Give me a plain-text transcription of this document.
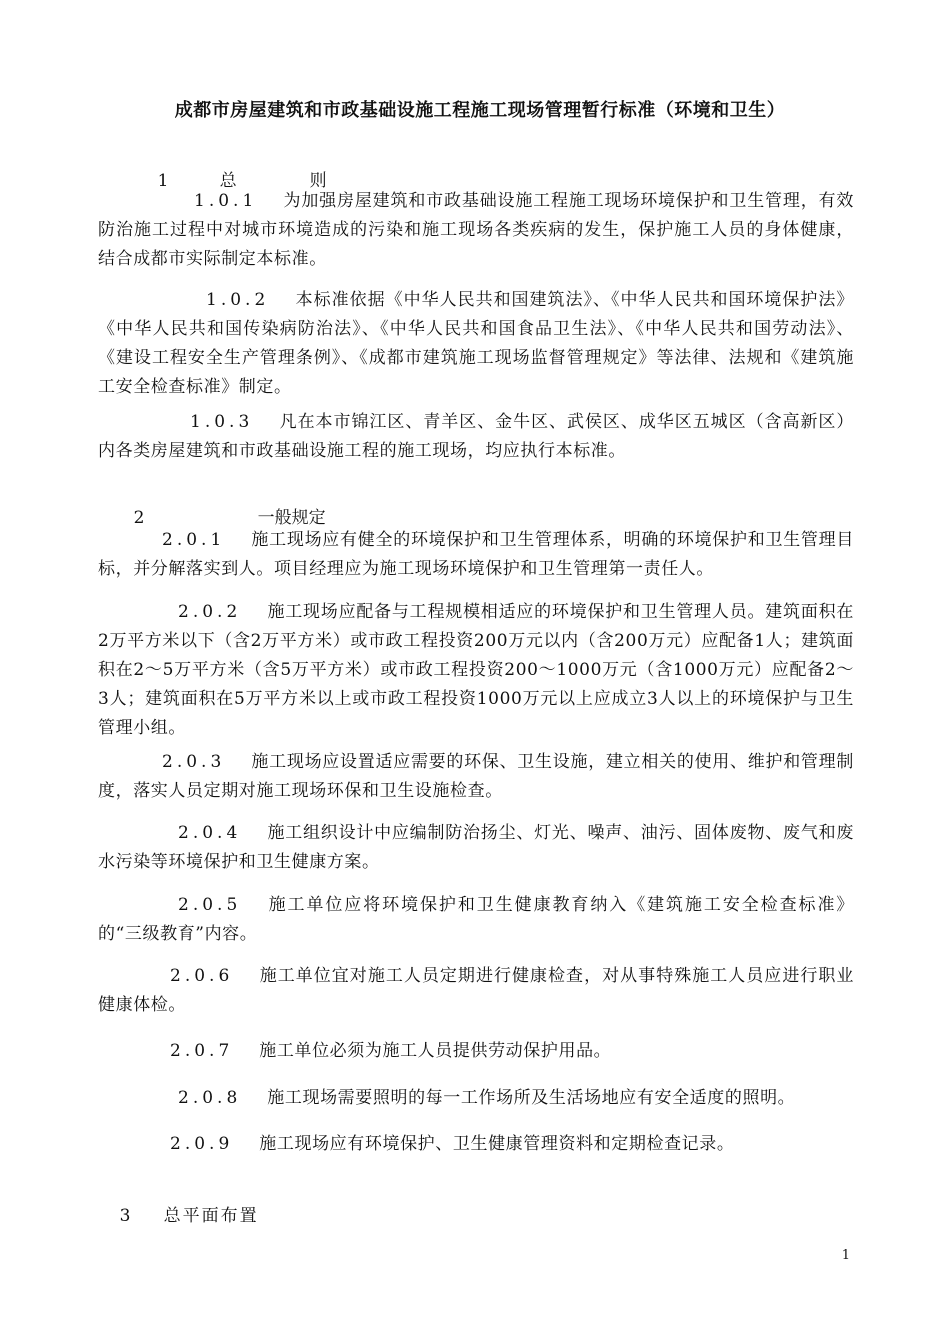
成都市房屋建筑和市政基础设施工程施工现场管理暂行标准（环境和卫生）

1	总	则

1.0.1 为加强房屋建筑和市政基础设施工程施工现场环境保护和卫生管理，有效防治施工过程中对城市环境造成的污染和施工现场各类疾病的发生，保护施工人员的身体健康，结合成都市实际制定本标准。
1.0.2 本标准依据《中华人民共和国建筑法》、《中华人民共和国环境保护法》《中华人民共和国传染病防治法》、《中华人民共和国食品卫生法》、《中华人民共和国劳动法》、《建设工程安全生产管理条例》、《成都市建筑施工现场监督管理规定》等法律、法规和《建筑施工安全检查标准》制定。
1.0.3 凡在本市锦江区、青羊区、金牛区、武侯区、成华区五城区（含高新区）内各类房屋建筑和市政基础设施工程的施工现场，均应执行本标准。

2	一般规定

2.0.1 施工现场应有健全的环境保护和卫生管理体系，明确的环境保护和卫生管理目标，并分解落实到人。项目经理应为施工现场环境保护和卫生管理第一责任人。
2.0.2 施工现场应配备与工程规模相适应的环境保护和卫生管理人员。建筑面积在2万平方米以下（含2万平方米）或市政工程投资200万元以内（含200万元）应配备1人；建筑面积在2～5万平方米（含5万平方米）或市政工程投资200～1000万元（含1000万元）应配备2～ 3人；建筑面积在5万平方米以上或市政工程投资1000万元以上应成立3人以上的环境保护与卫生管理小组。
2.0.3 施工现场应设置适应需要的环保、卫生设施，建立相关的使用、维护和管理制度，落实人员定期对施工现场环保和卫生设施检查。
2.0.4 施工组织设计中应编制防治扬尘、灯光、噪声、油污、固体废物、废气和废水污染等环境保护和卫生健康方案。
2.0.5 施工单位应将环境保护和卫生健康教育纳入《建筑施工安全检查标准》的“三级教育”内容。
2.0.6 施工单位宜对施工人员定期进行健康检查，对从事特殊施工人员应进行职业健康体检。
2.0.7 施工单位必须为施工人员提供劳动保护用品。
2.0.8 施工现场需要照明的每一工作场所及生活场地应有安全适度的照明。
2.0.9 施工现场应有环境保护、卫生健康管理资料和定期检查记录。

3 总平面布置

1
